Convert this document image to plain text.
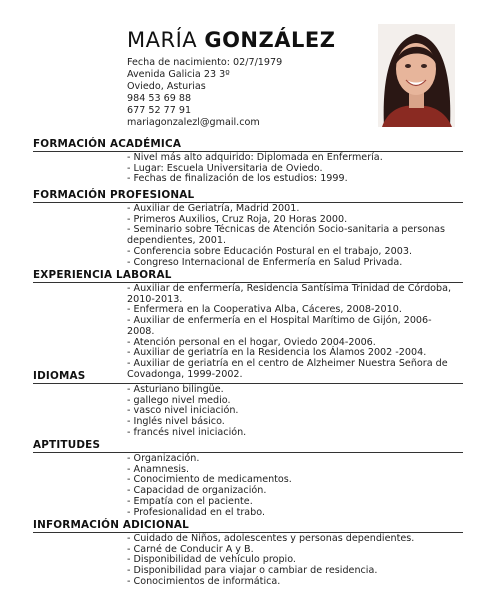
MARÍA GONZÁLEZ
Fecha de nacimiento: 02/7/1979
Avenida Galicia 23 3º
Oviedo, Asturias
984 53 69 88
677 52 77 91
mariagonzalezl@gmail.com
FORMACIÓN ACADÉMICA
- Nivel más alto adquirido: Diplomada en Enfermería.
- Lugar: Escuela Universitaria de Oviedo.
- Fechas de finalización de los estudios: 1999.
FORMACIÓN PROFESIONAL
- Auxiliar de Geriatría, Madrid 2001.
- Primeros Auxilios, Cruz Roja, 20 Horas 2000.
- Seminario sobre Técnicas de Atención Socio-sanitaria a personas dependientes, 2001.
- Conferencia sobre Educación Postural en el trabajo, 2003.
- Congreso Internacional de Enfermería en Salud Privada.
EXPERIENCIA LABORAL
- Auxiliar de enfermería, Residencia Santísima Trinidad de Córdoba, 2010-2013.
- Enfermera en la Cooperativa Alba, Cáceres, 2008-2010.
- Auxiliar de enfermería en el Hospital Marítimo de Gijón, 2006-2008.
- Atención personal en el hogar, Oviedo 2004-2006.
- Auxiliar de geriatría en la Residencia los Álamos 2002 -2004.
- Auxiliar de geriatría en el centro de Alzheimer Nuestra Señora de Covadonga, 1999-2002.
IDIOMAS
- Asturiano bilingüe.
- gallego nivel medio.
- vasco nivel iniciación.
- Inglés nivel básico.
- francés nivel iniciación.
APTITUDES
- Organización.
- Anamnesis.
- Conocimiento de medicamentos.
- Capacidad de organización.
- Empatía con el paciente.
- Profesionalidad en el trabo.
INFORMACIÓN ADICIONAL
- Cuidado de Niños, adolescentes y personas dependientes.
- Carné de Conducir A y B.
- Disponibilidad de vehículo propio.
- Disponibilidad para viajar o cambiar de residencia.
- Conocimientos de informática.
